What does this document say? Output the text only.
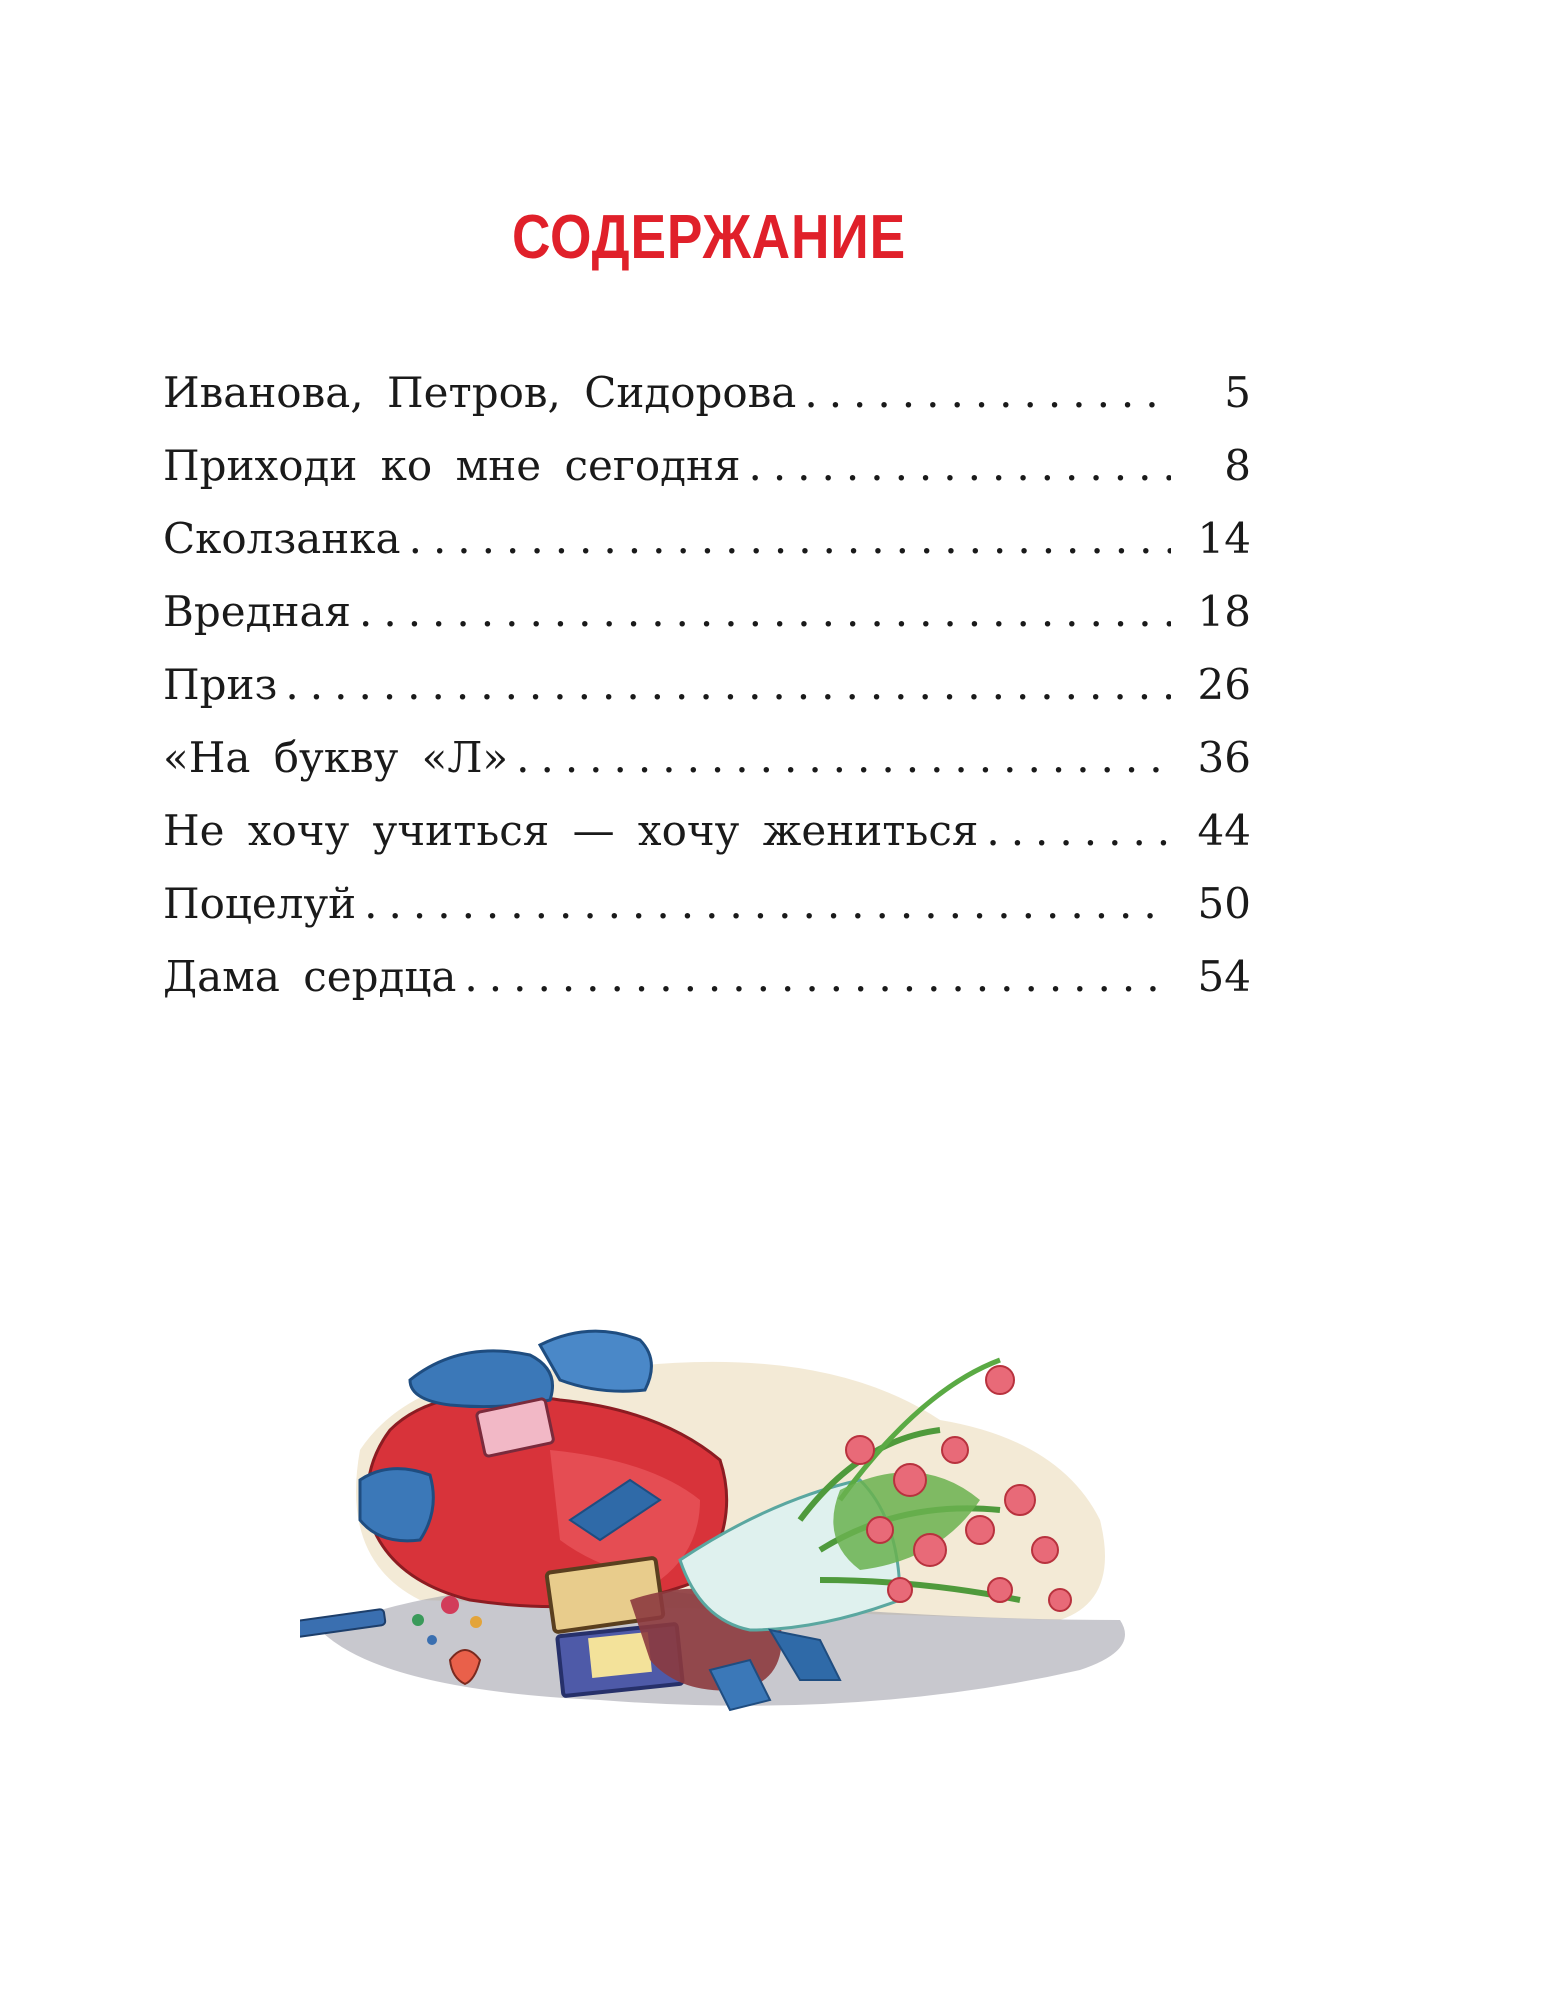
СОДЕРЖАНИЕ
Иванова, Петров, Сидорова .....	5
Приходи ко мне сегодня .....	8
Сколзанка .....	14
Вредная .....	18
Приз .....	26
«На букву «Л» .....	36
Не хочу учиться — хочу жениться .....	44
Поцелуй .....	50
Дама сердца .....	54
